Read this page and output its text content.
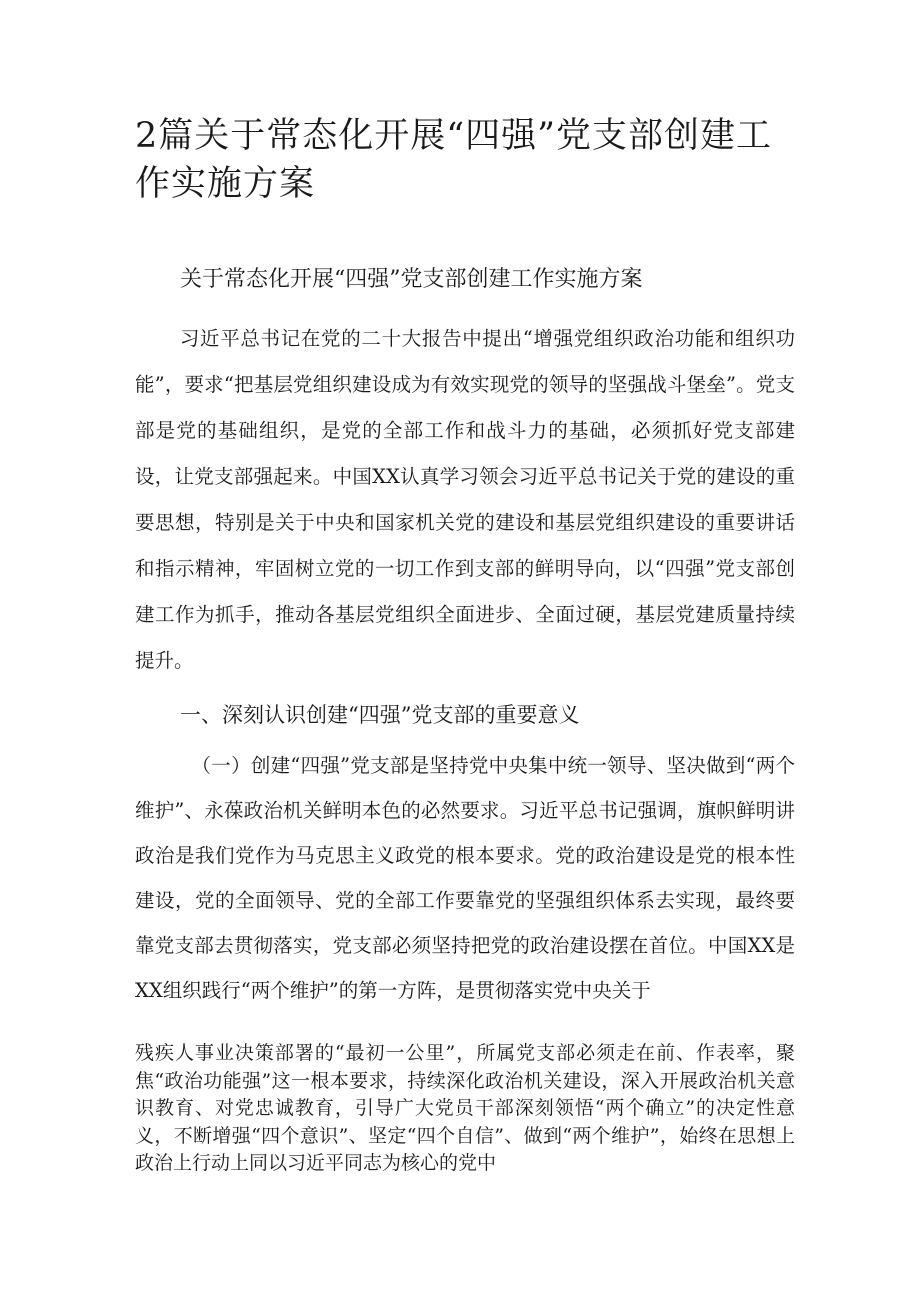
2篇关于常态化开展“四强”党支部创建工作实施方案
关于常态化开展“四强”党支部创建工作实施方案

习近平总书记在党的二十大报告中提出“增强党组织政治功能和组织功能”，要求“把基层党组织建设成为有效实现党的领导的坚强战斗堡垒”。党支部是党的基础组织，是党的全部工作和战斗力的基础，必须抓好党支部建设，让党支部强起来。中国XX认真学习领会习近平总书记关于党的建设的重要思想，特别是关于中央和国家机关党的建设和基层党组织建设的重要讲话和指示精神，牢固树立党的一切工作到支部的鲜明导向，以“四强”党支部创建工作为抓手，推动各基层党组织全面进步、全面过硬，基层党建质量持续提升。

一、深刻认识创建“四强”党支部的重要意义

（一）创建“四强”党支部是坚持党中央集中统一领导、坚决做到“两个维护”、永葆政治机关鲜明本色的必然要求。习近平总书记强调，旗帜鲜明讲政治是我们党作为马克思主义政党的根本要求。党的政治建设是党的根本性建设，党的全面领导、党的全部工作要靠党的坚强组织体系去实现，最终要靠党支部去贯彻落实，党支部必须坚持把党的政治建设摆在首位。中国XX是XX组织践行“两个维护”的第一方阵，是贯彻落实党中央关于

残疾人事业决策部署的“最初一公里”，所属党支部必须走在前、作表率，聚焦“政治功能强”这一根本要求，持续深化政治机关建设，深入开展政治机关意识教育、对党忠诚教育，引导广大党员干部深刻领悟“两个确立”的决定性意义，不断增强“四个意识”、坚定“四个自信”、做到“两个维护”，始终在思想上政治上行动上同以习近平同志为核心的党中
